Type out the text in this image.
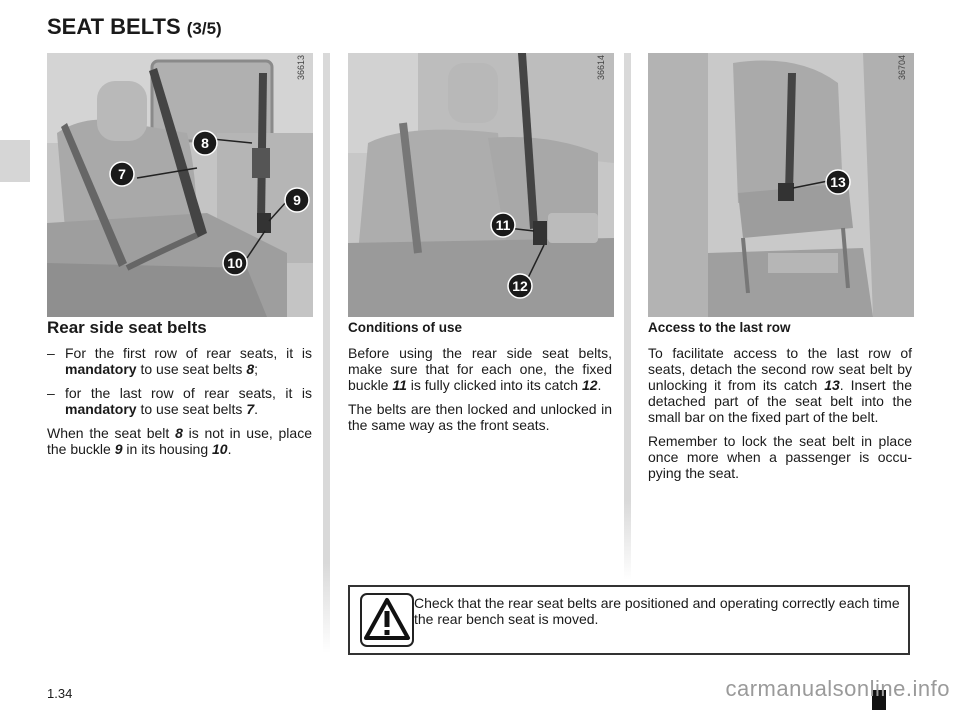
SEAT BELTS (3/5)
8
7
9
10
36613
11
12
36614
13
36704
Rear side seat belts
– For the first row of rear seats, it is mandatory to use seat belts 8;
– for the last row of rear seats, it is mandatory to use seat belts 7.

When the seat belt 8 is not in use, place the buckle 9 in its housing 10.

Conditions of use

Before using the rear side seat belts, make sure that for each one, the fixed buckle 11 is fully clicked into its catch 12.

The belts are then locked and unlocked in the same way as the front seats.

Access to the last row

To facilitate access to the last row of seats, detach the second row seat belt by unlocking it from its catch 13. Insert the detached part of the seat belt into the small bar on the fixed part of the belt.

Remember to lock the seat belt in place once more when a passenger is occu-pying the seat.

Check that the rear seat belts are positioned and operating correctly each time the rear bench seat is moved.
1.34	carmanualsonline.info
